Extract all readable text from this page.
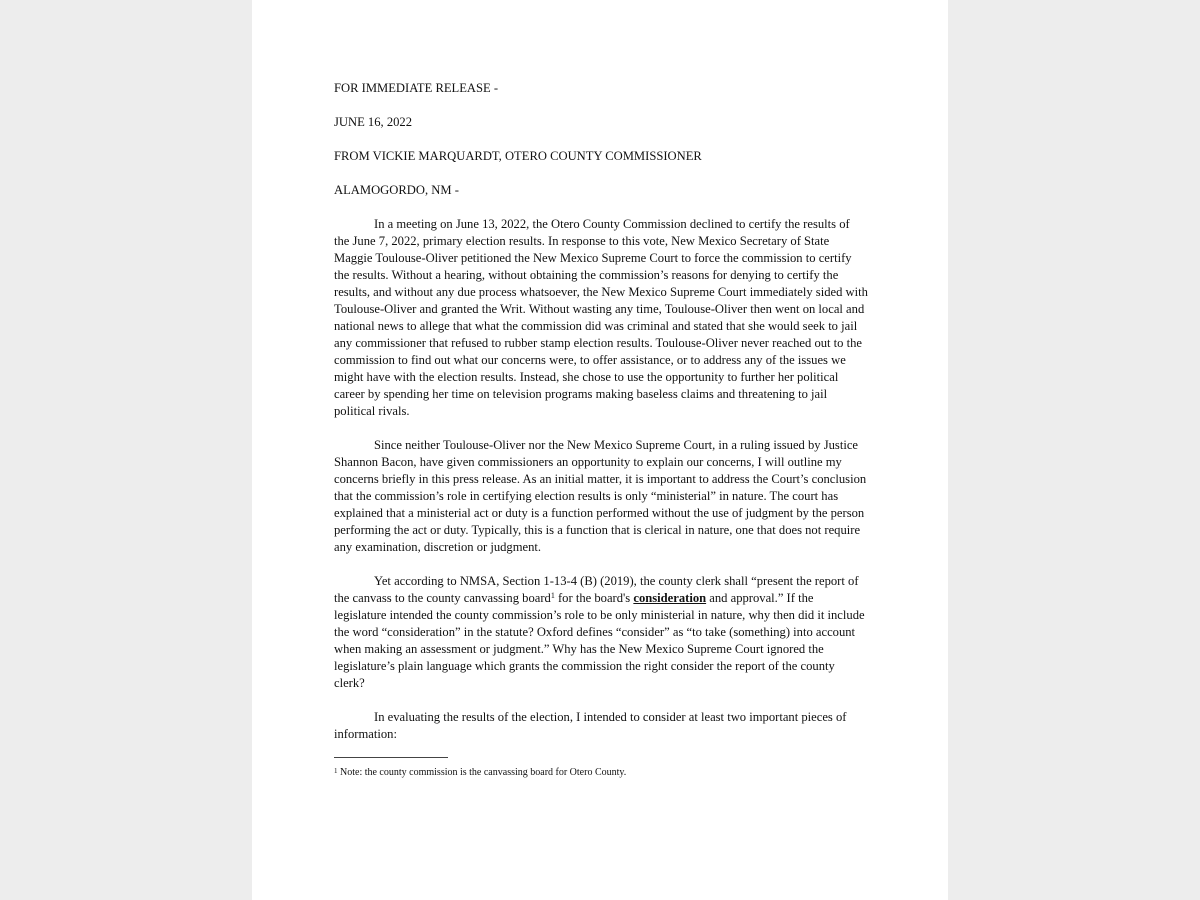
FOR IMMEDIATE RELEASE -

JUNE 16, 2022

FROM VICKIE MARQUARDT, OTERO COUNTY COMMISSIONER

ALAMOGORDO, NM -

In a meeting on June 13, 2022, the Otero County Commission declined to certify the results of the June 7, 2022, primary election results. In response to this vote, New Mexico Secretary of State Maggie Toulouse-Oliver petitioned the New Mexico Supreme Court to force the commission to certify the results. Without a hearing, without obtaining the commission’s reasons for denying to certify the results, and without any due process whatsoever, the New Mexico Supreme Court immediately sided with Toulouse-Oliver and granted the Writ. Without wasting any time, Toulouse-Oliver then went on local and national news to allege that what the commission did was criminal and stated that she would seek to jail any commissioner that refused to rubber stamp election results. Toulouse-Oliver never reached out to the commission to find out what our concerns were, to offer assistance, or to address any of the issues we might have with the election results. Instead, she chose to use the opportunity to further her political career by spending her time on television programs making baseless claims and threatening to jail political rivals.

Since neither Toulouse-Oliver nor the New Mexico Supreme Court, in a ruling issued by Justice Shannon Bacon, have given commissioners an opportunity to explain our concerns, I will outline my concerns briefly in this press release. As an initial matter, it is important to address the Court’s conclusion that the commission’s role in certifying election results is only “ministerial” in nature. The court has explained that a ministerial act or duty is a function performed without the use of judgment by the person performing the act or duty. Typically, this is a function that is clerical in nature, one that does not require any examination, discretion or judgment.

Yet according to NMSA, Section 1-13-4 (B) (2019), the county clerk shall “present the report of the canvass to the county canvassing board$^1$ for the board's consideration and approval.” If the legislature intended the county commission’s role to be only ministerial in nature, why then did it include the word “consideration” in the statute? Oxford defines “consider” as “to take (something) into account when making an assessment or judgment.” Why has the New Mexico Supreme Court ignored the legislature’s plain language which grants the commission the right consider the report of the county clerk?

In evaluating the results of the election, I intended to consider at least two important pieces of information:

$^1$ Note: the county commission is the canvassing board for Otero County.
